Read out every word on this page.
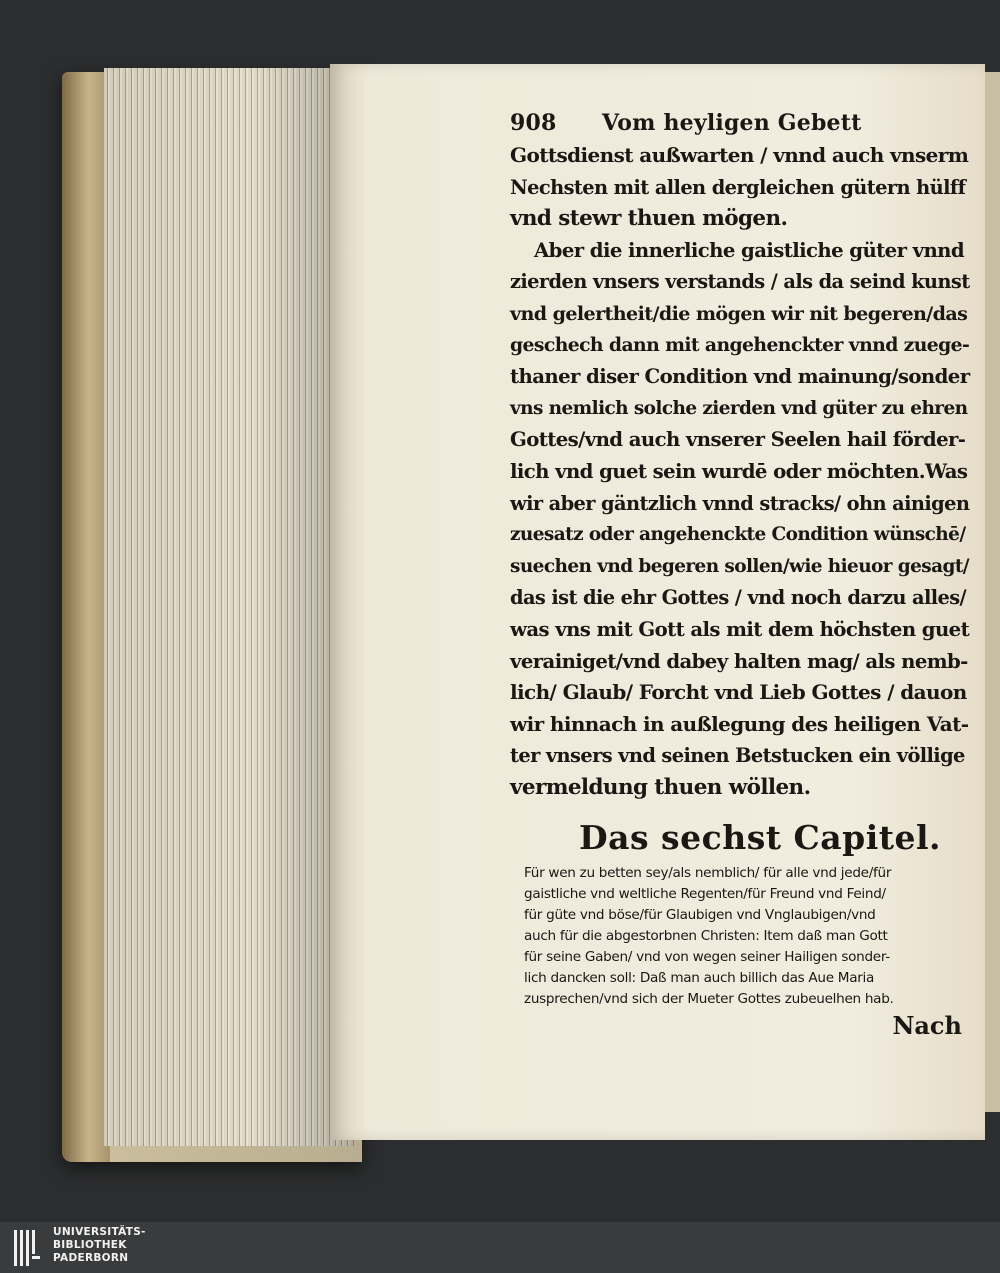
908 Vom heyligen Gebett
Gottsdienst außwarten / vnnd auch vnserm
Nechsten mit allen dergleichen gütern hülff
vnd stewr thuen mögen.
Aber die innerliche gaistliche güter vnnd
zierden vnsers verstands / als da seind kunst
vnd gelertheit/die mögen wir nit begeren/das
geschech dann mit angehenckter vnnd zuege-
thaner diser Condition vnd mainung/sonder
vns nemlich solche zierden vnd güter zu ehren
Gottes/vnd auch vnserer Seelen hail förder-
lich vnd guet sein wurdē oder möchten.Was
wir aber gäntzlich vnnd stracks/ ohn ainigen
zuesatz oder angehenckte Condition wünschē/
suechen vnd begeren sollen/wie hieuor gesagt/
das ist die ehr Gottes / vnd noch darzu alles/
was vns mit Gott als mit dem höchsten guet
verainiget/vnd dabey halten mag/ als nemb-
lich/ Glaub/ Forcht vnd Lieb Gottes / dauon
wir hinnach in außlegung des heiligen Vat-
ter vnsers vnd seinen Betstucken ein völlige
vermeldung thuen wöllen.
Das sechst Capitel.
Für wen zu betten sey/als nemblich/ für alle vnd jede/für
gaistliche vnd weltliche Regenten/für Freund vnd Feind/
für güte vnd böse/für Glaubigen vnd Vnglaubigen/vnd
auch für die abgestorbnen Christen: Item daß man Gott
für seine Gaben/ vnd von wegen seiner Hailigen sonder-
lich dancken soll: Daß man auch billich das Aue Maria
zusprechen/vnd sich der Mueter Gottes zubeuelhen hab.
Nach
UNIVERSITÄTS-
BIBLIOTHEK
PADERBORN
